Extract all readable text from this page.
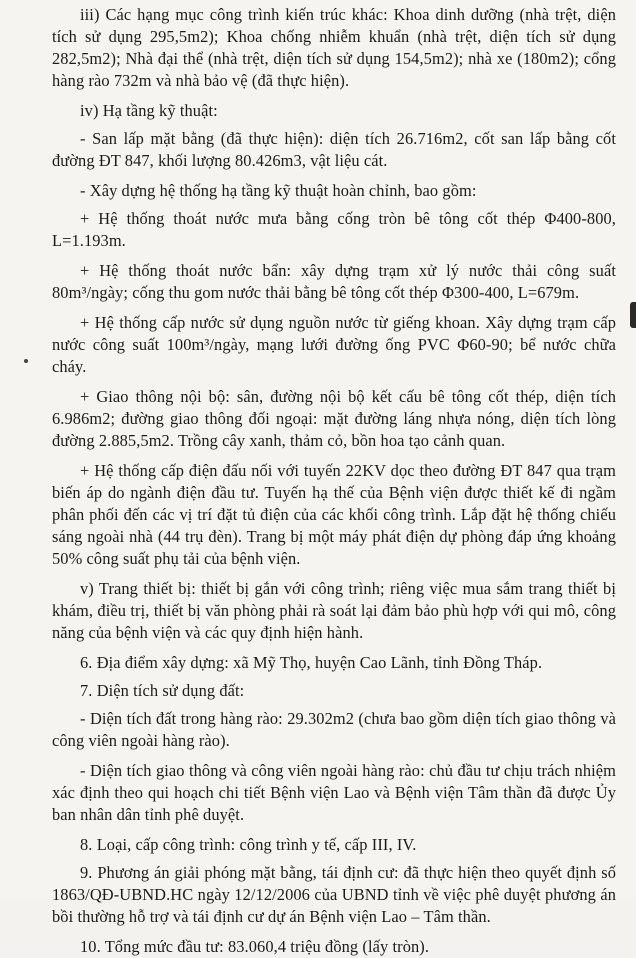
iii) Các hạng mục công trình kiến trúc khác: Khoa dinh dưỡng (nhà trệt, diện tích sử dụng 295,5m2); Khoa chống nhiễm khuẩn (nhà trệt, diện tích sử dụng 282,5m2); Nhà đại thể (nhà trệt, diện tích sử dụng 154,5m2); nhà xe (180m2); cổng hàng rào 732m và nhà bảo vệ (đã thực hiện).

iv) Hạ tầng kỹ thuật:

- San lấp mặt bằng (đã thực hiện): diện tích 26.716m2, cốt san lấp bằng cốt đường ĐT 847, khối lượng 80.426m3, vật liệu cát.

- Xây dựng hệ thống hạ tầng kỹ thuật hoàn chỉnh, bao gồm:

+ Hệ thống thoát nước mưa bằng cống tròn bê tông cốt thép Φ400-800, L=1.193m.

+ Hệ thống thoát nước bẩn: xây dựng trạm xử lý nước thải công suất 80m³/ngày; cống thu gom nước thải bằng bê tông cốt thép Φ300-400, L=679m.

+ Hệ thống cấp nước sử dụng nguồn nước từ giếng khoan. Xây dựng trạm cấp nước công suất 100m³/ngày, mạng lưới đường ống PVC Φ60-90; bể nước chữa cháy.

+ Giao thông nội bộ: sân, đường nội bộ kết cấu bê tông cốt thép, diện tích 6.986m2; đường giao thông đối ngoại: mặt đường láng nhựa nóng, diện tích lòng đường 2.885,5m2. Trồng cây xanh, thảm cỏ, bồn hoa tạo cảnh quan.

+ Hệ thống cấp điện đấu nối với tuyến 22KV dọc theo đường ĐT 847 qua trạm biến áp do ngành điện đầu tư. Tuyến hạ thế của Bệnh viện được thiết kế đi ngầm phân phối đến các vị trí đặt tủ điện của các khối công trình. Lắp đặt hệ thống chiếu sáng ngoài nhà (44 trụ đèn). Trang bị một máy phát điện dự phòng đáp ứng khoảng 50% công suất phụ tải của bệnh viện.

v) Trang thiết bị: thiết bị gắn với công trình; riêng việc mua sắm trang thiết bị khám, điều trị, thiết bị văn phòng phải rà soát lại đảm bảo phù hợp với qui mô, công năng của bệnh viện và các quy định hiện hành.

6. Địa điểm xây dựng: xã Mỹ Thọ, huyện Cao Lãnh, tỉnh Đồng Tháp.

7. Diện tích sử dụng đất:

- Diện tích đất trong hàng rào: 29.302m2 (chưa bao gồm diện tích giao thông và công viên ngoài hàng rào).

- Diện tích giao thông và công viên ngoài hàng rào: chủ đầu tư chịu trách nhiệm xác định theo qui hoạch chi tiết Bệnh viện Lao và Bệnh viện Tâm thần đã được Ủy ban nhân dân tỉnh phê duyệt.

8. Loại, cấp công trình: công trình y tế, cấp III, IV.

9. Phương án giải phóng mặt bằng, tái định cư: đã thực hiện theo quyết định số 1863/QĐ-UBND.HC ngày 12/12/2006 của UBND tỉnh về việc phê duyệt phương án bồi thường hỗ trợ và tái định cư dự án Bệnh viện Lao – Tâm thần.

10. Tổng mức đầu tư: 83.060,4 triệu đồng (lấy tròn).
